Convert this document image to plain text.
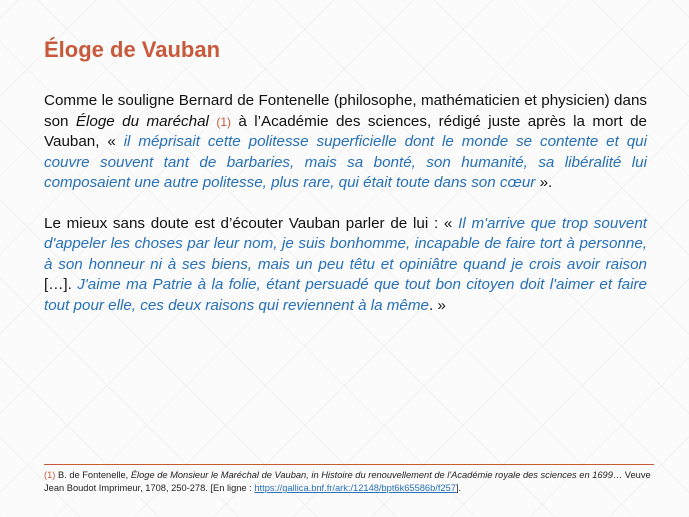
Éloge de Vauban

Comme le souligne Bernard de Fontenelle (philosophe, mathématicien et physicien) dans son Éloge du maréchal (1) à l’Académie des sciences, rédigé juste après la mort de Vauban, « il méprisait cette politesse superficielle dont le monde se contente et qui couvre souvent tant de barbaries, mais sa bonté, son humanité, sa libéralité lui composaient une autre politesse, plus rare, qui était toute dans son cœur ».

Le mieux sans doute est d’écouter Vauban parler de lui : « Il m'arrive que trop souvent d'appeler les choses par leur nom, je suis bonhomme, incapable de faire tort à personne, à son honneur ni à ses biens, mais un peu têtu et opiniâtre quand je crois avoir raison […]. J'aime ma Patrie à la folie, étant persuadé que tout bon citoyen doit l'aimer et faire tout pour elle, ces deux raisons qui reviennent à la même. »

(1) B. de Fontenelle, Éloge de Monsieur le Maréchal de Vauban, in Histoire du renouvellement de l'Académie royale des sciences en 1699… Veuve Jean Boudot Imprimeur, 1708, 250-278. [En ligne : https://gallica.bnf.fr/ark:/12148/bpt6k65586b/f257].
